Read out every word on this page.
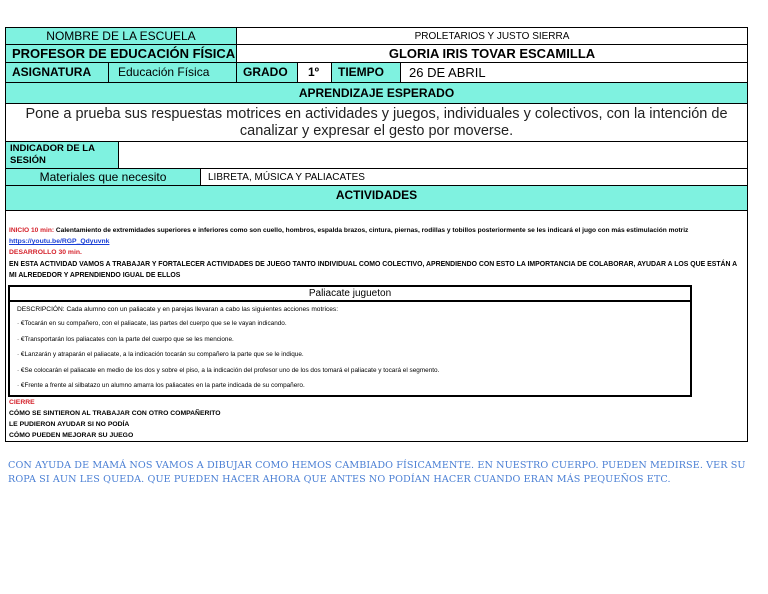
NOMBRE DE LA ESCUELA	PROLETARIOS Y JUSTO SIERRA
PROFESOR DE EDUCACIÓN FÍSICA	GLORIA IRIS TOVAR ESCAMILLA
ASIGNATURA Educación Física	GRADO 1º TIEMPO 26 DE ABRIL
APRENDIZAJE ESPERADO
Pone a prueba sus respuestas motrices en actividades y juegos, individuales y colectivos, con la intención de canalizar y expresar el gesto por moverse.
INDICADOR DE LA SESIÓN
Materiales que necesito	LIBRETA, MÚSICA Y PALIACATES
ACTIVIDADES
INICIO 10 min: Calentamiento de extremidades superiores e inferiores como son cuello, hombros, espalda brazos, cintura, piernas, rodillas y tobillos posteriormente se les indicará el jugo con más estimulación motriz
https://youtu.be/RGP_Qdyuvnk
DESARROLLO 30 min.
EN ESTA ACTIVIDAD VAMOS A TRABAJAR Y FORTALECER ACTIVIDADES DE JUEGO TANTO INDIVIDUAL COMO COLECTIVO, APRENDIENDO CON ESTO LA IMPORTANCIA DE COLABORAR, AYUDAR A LOS QUE ESTÁN A MI ALREDEDOR Y APRENDIENDO IGUAL DE ELLOS
Paliacate jugueton
DESCRIPCIÓN: Cada alumno con un paliacate y en parejas llevaran a cabo las siguientes acciones motrices:
· €Tocarán en su compañero, con el paliacate, las partes del cuerpo que se le vayan indicando.
· €Transportarán los paliacates con la parte del cuerpo que se les mencione.
· €Lanzarán y atraparán el paliacate, a la indicación tocarán su compañero la parte que se le indique.
· €Se colocarán el paliacate en medio de los dos y sobre el piso, a la indicación del profesor uno de los dos tomará el paliacate y tocará el segmento.
· €Frente a frente al silbatazo un alumno amarra los paliacates en la parte indicada de su compañero.
CIERRE
CÓMO SE SINTIERON AL TRABAJAR CON OTRO COMPAÑERITO
LE PUDIERON AYUDAR SI NO PODÍA
CÓMO PUEDEN MEJORAR SU JUEGO
CON AYUDA DE MAMÁ NOS VAMOS A DIBUJAR COMO HEMOS CAMBIADO FÍSICAMENTE. EN NUESTRO CUERPO. PUEDEN MEDIRSE. VER SU ROPA SI AUN LES QUEDA. QUE PUEDEN HACER AHORA QUE ANTES NO PODÍAN HACER CUANDO ERAN MÁS PEQUEÑOS ETC.
